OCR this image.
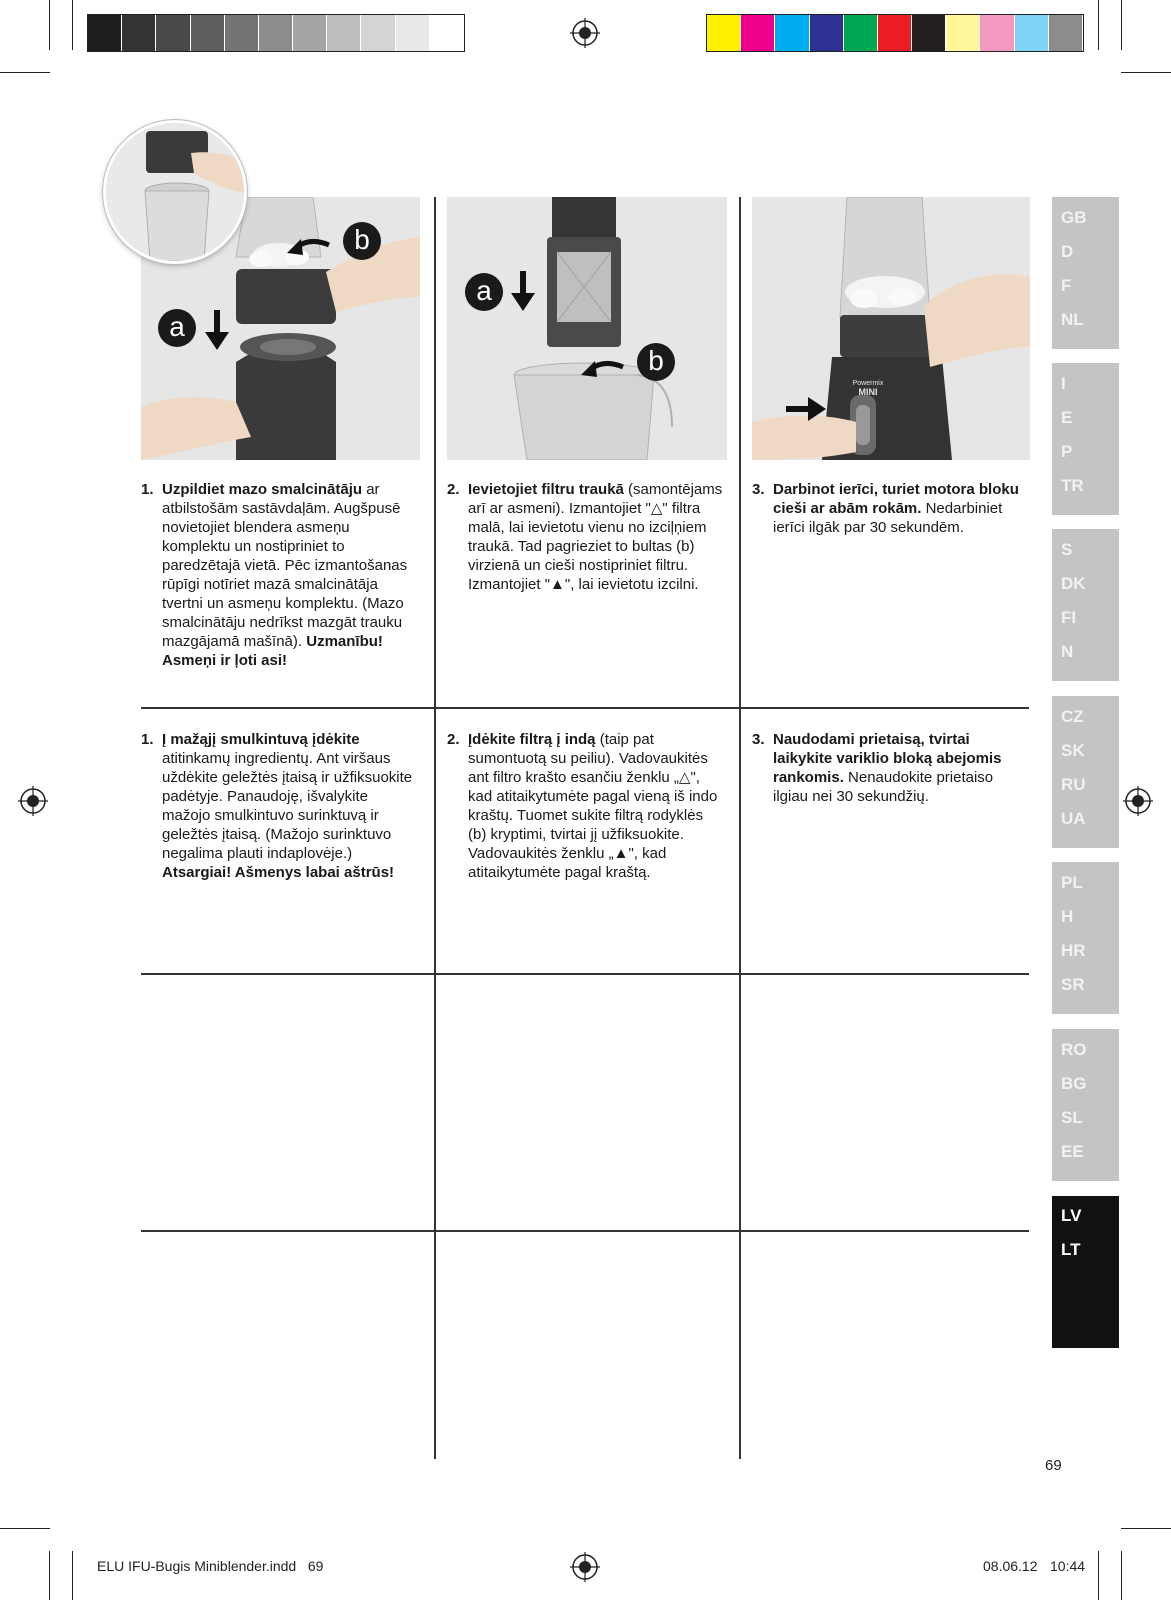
a
b
a
b
Powermix
MINI
1. Uzpildiet mazo smalcinātāju ar atbilstošām sastāvdaļām. Augšpusē novietojiet blendera asmeņu komplektu un nostipriniet to paredzētajā vietā. Pēc izmantošanas rūpīgi notīriet mazā smalcinātāja tvertni un asmeņu komplektu. (Mazo smalcinātāju nedrīkst mazgāt trauku mazgājamā mašīnā). Uzmanību! Asmeņi ir ļoti asi!
2. Ievietojiet filtru traukā (samontējams arī ar asmeni). Izmantojiet "△" filtra malā, lai ievietotu vienu no izciļņiem traukā. Tad pagrieziet to bultas (b) virzienā un cieši nostipriniet filtru. Izmantojiet "▲", lai ievietotu izcilni.
3. Darbinot ierīci, turiet motora bloku cieši ar abām rokām. Nedarbiniet ierīci ilgāk par 30 sekundēm.
1. Į mažąjį smulkintuvą įdėkite atitinkamų ingredientų. Ant viršaus uždėkite geležtės įtaisą ir užfiksuokite padėtyje. Panaudoję, išvalykite mažojo smulkintuvo surinktuvą ir geležtės įtaisą. (Mažojo surinktuvo negalima plauti indaplovėje.) Atsargiai! Ašmenys labai aštrūs!
2. Įdėkite filtrą į indą (taip pat sumontuotą su peiliu). Vadovaukitės ant filtro krašto esančiu ženklu „△", kad atitaikytumėte pagal vieną iš indo kraštų. Tuomet sukite filtrą rodyklės (b) kryptimi, tvirtai jį užfiksuokite. Vadovaukitės ženklu „▲", kad atitaikytumėte pagal kraštą.
3. Naudodami prietaisą, tvirtai laikykite variklio bloką abejomis rankomis. Nenaudokite prietaiso ilgiau nei 30 sekundžių.
GB
D
F
NL
I
E
P
TR
S
DK
FI
N
CZ
SK
RU
UA
PL
H
HR
SR
RO
BG
SL
EE
LV
LT
69
ELU IFU-Bugis Miniblender.indd   69	08.06.12 10:44
